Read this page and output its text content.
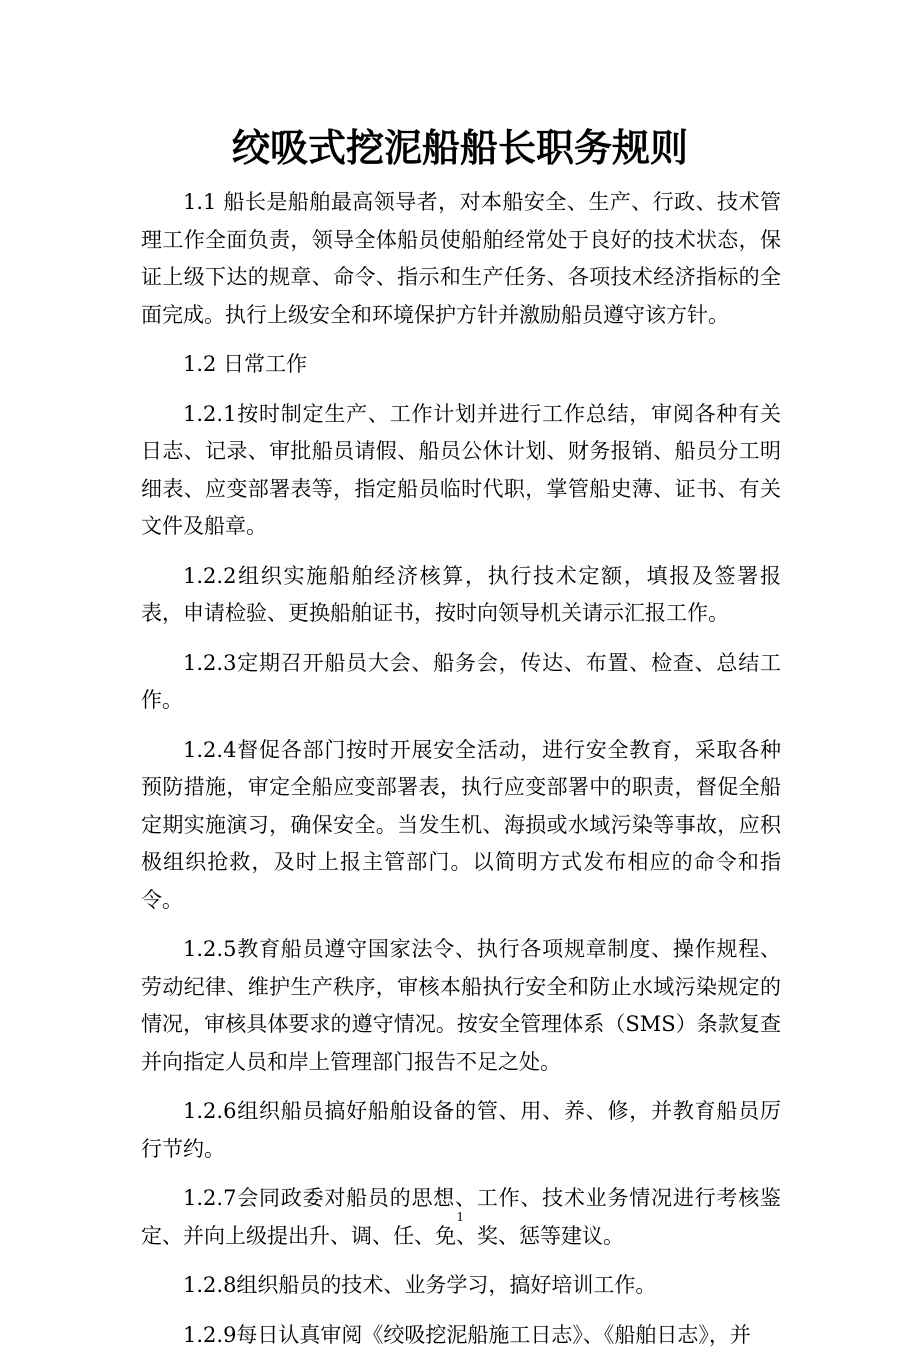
绞吸式挖泥船船长职务规则

1.1 船长是船舶最高领导者，对本船安全、生产、行政、技术管理工作全面负责，领导全体船员使船舶经常处于良好的技术状态，保证上级下达的规章、命令、指示和生产任务、各项技术经济指标的全面完成。执行上级安全和环境保护方针并激励船员遵守该方针。

1.2 日常工作

1.2.1按时制定生产、工作计划并进行工作总结，审阅各种有关日志、记录、审批船员请假、船员公休计划、财务报销、船员分工明细表、应变部署表等，指定船员临时代职，掌管船史薄、证书、有关文件及船章。

1.2.2组织实施船舶经济核算，执行技术定额，填报及签署报表，申请检验、更换船舶证书，按时向领导机关请示汇报工作。

1.2.3定期召开船员大会、船务会，传达、布置、检查、总结工作。

1.2.4督促各部门按时开展安全活动，进行安全教育，采取各种预防措施，审定全船应变部署表，执行应变部署中的职责，督促全船定期实施演习，确保安全。当发生机、海损或水域污染等事故，应积极组织抢救，及时上报主管部门。以简明方式发布相应的命令和指令。

1.2.5教育船员遵守国家法令、执行各项规章制度、操作规程、劳动纪律、维护生产秩序，审核本船执行安全和防止水域污染规定的情况，审核具体要求的遵守情况。按安全管理体系（SMS）条款复查并向指定人员和岸上管理部门报告不足之处。

1.2.6组织船员搞好船舶设备的管、用、养、修，并教育船员厉行节约。

1.2.7会同政委对船员的思想、工作、技术业务情况进行考核鉴定、并向上级提出升、调、任、免、奖、惩等建议。

1.2.8组织船员的技术、业务学习，搞好培训工作。

1.2.9每日认真审阅《绞吸挖泥船施工日志》、《船舶日志》，并

1
